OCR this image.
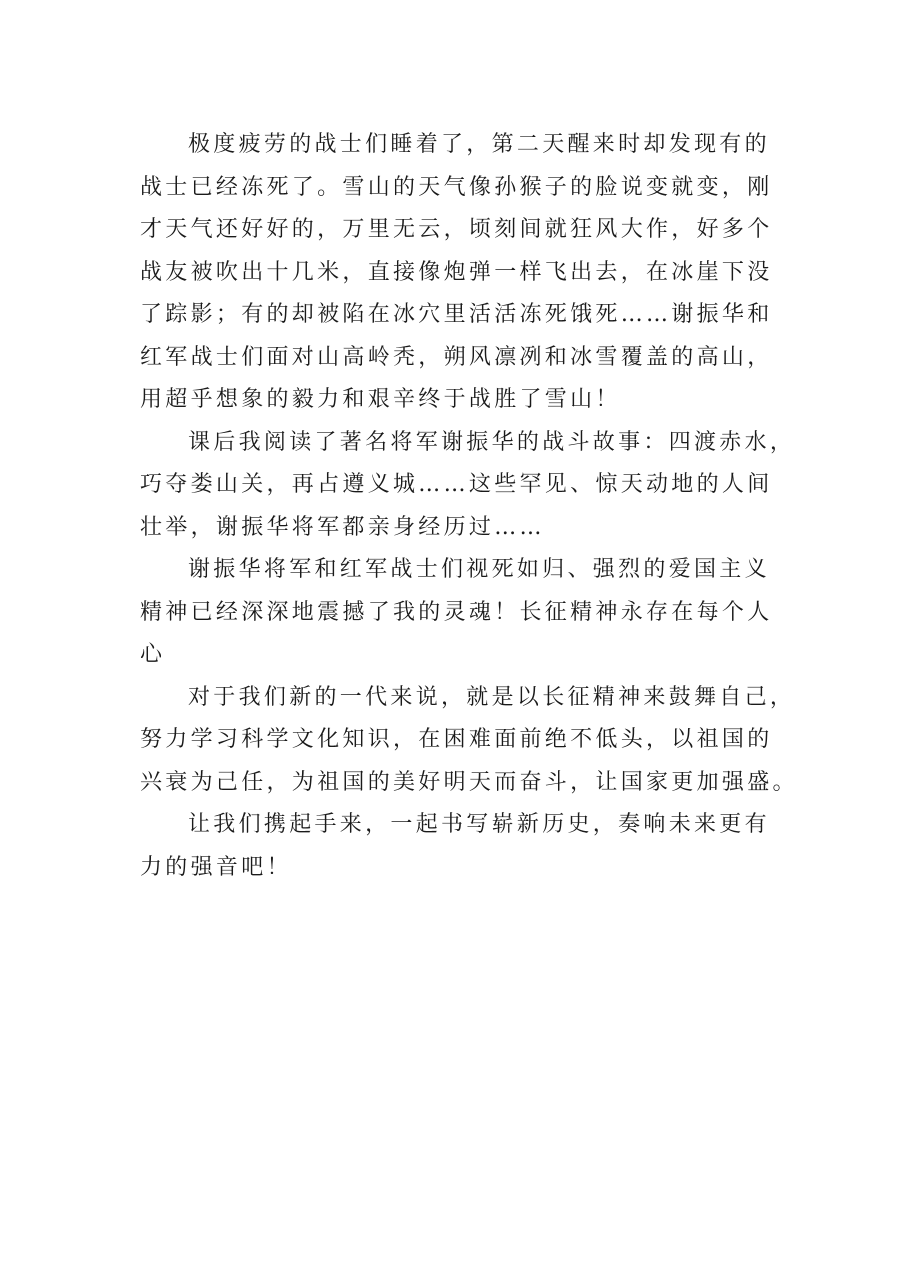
极度疲劳的战士们睡着了，第二天醒来时却发现有的
战士已经冻死了。雪山的天气像孙猴子的脸说变就变，刚
才天气还好好的，万里无云，顷刻间就狂风大作，好多个
战友被吹出十几米，直接像炮弹一样飞出去，在冰崖下没
了踪影；有的却被陷在冰穴里活活冻死饿死……谢振华和
红军战士们面对山高岭秃，朔风凛冽和冰雪覆盖的高山，
用超乎想象的毅力和艰辛终于战胜了雪山！
课后我阅读了著名将军谢振华的战斗故事：四渡赤水，
巧夺娄山关，再占遵义城……这些罕见、惊天动地的人间
壮举，谢振华将军都亲身经历过……
谢振华将军和红军战士们视死如归、强烈的爱国主义
精神已经深深地震撼了我的灵魂！长征精神永存在每个人
心
对于我们新的一代来说，就是以长征精神来鼓舞自己，
努力学习科学文化知识，在困难面前绝不低头，以祖国的
兴衰为己任，为祖国的美好明天而奋斗，让国家更加强盛。
让我们携起手来，一起书写崭新历史，奏响未来更有
力的强音吧！
